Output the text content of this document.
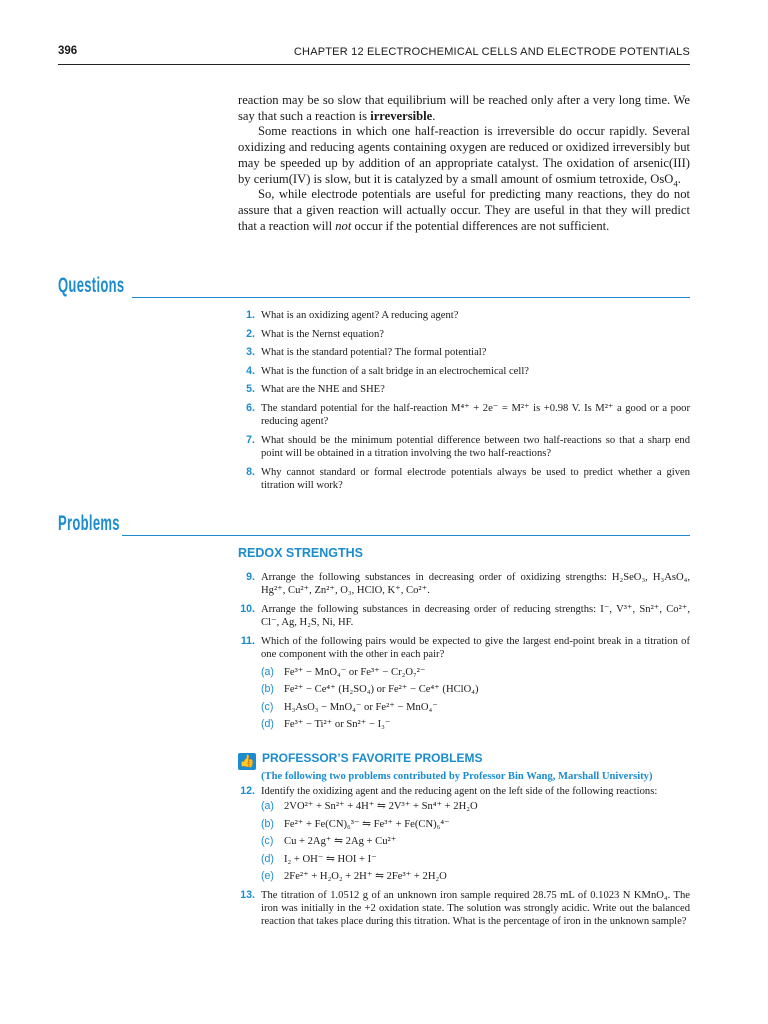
396	CHAPTER 12 ELECTROCHEMICAL CELLS AND ELECTRODE POTENTIALS

reaction may be so slow that equilibrium will be reached only after a very long time. We say that such a reaction is irreversible.

Some reactions in which one half-reaction is irreversible do occur rapidly. Several oxidizing and reducing agents containing oxygen are reduced or oxidized irreversibly but may be speeded up by addition of an appropriate catalyst. The oxidation of arsenic(III) by cerium(IV) is slow, but it is catalyzed by a small amount of osmium tetroxide, OsO$_4$.

So, while electrode potentials are useful for predicting many reactions, they do not assure that a given reaction will actually occur. They are useful in that they will predict that a reaction will not occur if the potential differences are not sufficient.

Questions
1. What is an oxidizing agent? A reducing agent?
2. What is the Nernst equation?
3. What is the standard potential? The formal potential?
4. What is the function of a salt bridge in an electrochemical cell?
5. What are the NHE and SHE?
6. The standard potential for the half-reaction M⁴⁺ + 2e⁻ = M²⁺ is +0.98 V. Is M²⁺ a good or a poor reducing agent?
7. What should be the minimum potential difference between two half-reactions so that a sharp end point will be obtained in a titration involving the two half-reactions?
8. Why cannot standard or formal electrode potentials always be used to predict whether a given titration will work?
Problems
REDOX STRENGTHS
9. Arrange the following substances in decreasing order of oxidizing strengths: H₂SeO₃, H₃AsO₄, Hg²⁺, Cu²⁺, Zn²⁺, O₃, HClO, K⁺, Co²⁺.
10. Arrange the following substances in decreasing order of reducing strengths: I⁻, V³⁺, Sn²⁺, Co²⁺, Cl⁻, Ag, H₂S, Ni, HF.
11. Which of the following pairs would be expected to give the largest end-point break in a titration of one component with the other in each pair?
(a) Fe³⁺ − MnO₄⁻ or Fe³⁺ − Cr₂O₇²⁻
(b) Fe²⁺ − Ce⁴⁺ (H₂SO₄) or Fe²⁺ − Ce⁴⁺ (HClO₄)
(c) H₃AsO₃ − MnO₄⁻ or Fe²⁺ − MnO₄⁻
(d) Fe³⁺ − Ti²⁺ or Sn²⁺ − I₃⁻
👍 PROFESSOR’S FAVORITE PROBLEMS
(The following two problems contributed by Professor Bin Wang, Marshall University)
12. Identify the oxidizing agent and the reducing agent on the left side of the following reactions:
(a) 2VO²⁺ + Sn²⁺ + 4H⁺ ⇋ 2V³⁺ + Sn⁴⁺ + 2H₂O
(b) Fe²⁺ + Fe(CN)₆³⁻ ⇋ Fe³⁺ + Fe(CN)₆⁴⁻
(c) Cu + 2Ag⁺ ⇋ 2Ag + Cu²⁺
(d) I₂ + OH⁻ ⇋ HOI + I⁻
(e) 2Fe²⁺ + H₂O₂ + 2H⁺ ⇋ 2Fe³⁺ + 2H₂O
13. The titration of 1.0512 g of an unknown iron sample required 28.75 mL of 0.1023 N KMnO₄. The iron was initially in the +2 oxidation state. The solution was strongly acidic. Write out the balanced reaction that takes place during this titration. What is the percentage of iron in the unknown sample?
